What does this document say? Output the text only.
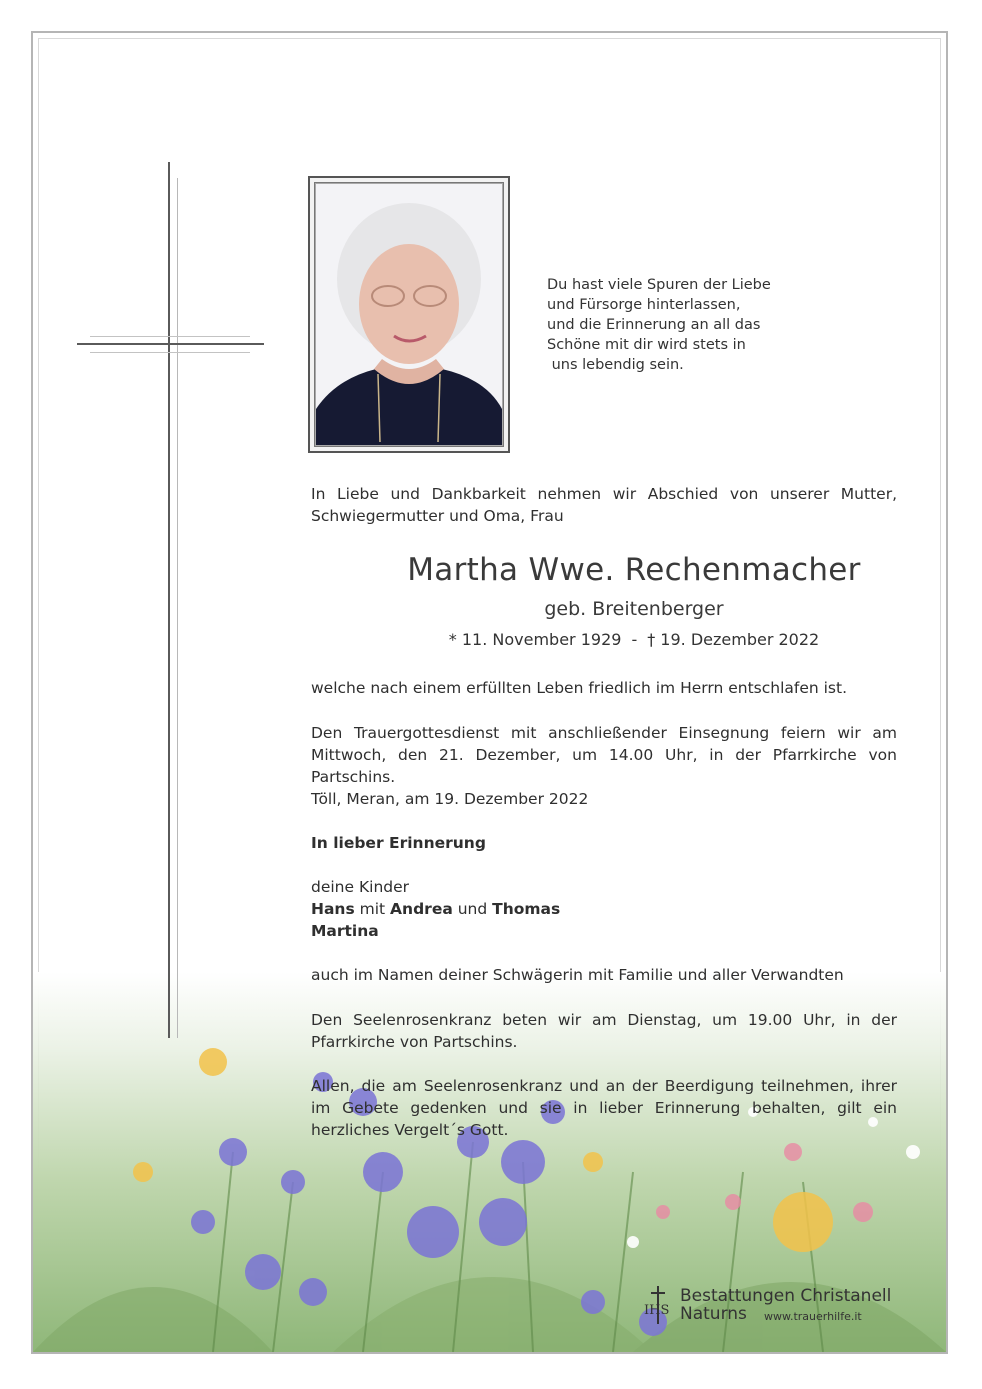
IHS
Bestattungen Christanell
Naturns www.trauerhilfe.it
Du hast viele Spuren der Liebe
und Fürsorge hinterlassen,
und die Erinnerung an all das
Schöne mit dir wird stets in
uns lebendig sein.
In Liebe und Dankbarkeit nehmen wir Abschied von unserer Mutter, Schwiegermutter und Oma, Frau
Martha Wwe. Rechenmacher
geb. Breitenberger
* 11. November 1929 - † 19. Dezember 2022
welche nach einem erfüllten Leben friedlich im Herrn entschlafen ist.
Den Trauergottesdienst mit anschließender Einsegnung feiern wir am Mittwoch, den 21. Dezember, um 14.00 Uhr, in der Pfarrkirche von Partschins.
Töll, Meran, am 19. Dezember 2022
In lieber Erinnerung
deine Kinder
Hans mit Andrea und Thomas
Martina
auch im Namen deiner Schwägerin mit Familie und aller Verwandten
Den Seelenrosenkranz beten wir am Dienstag, um 19.00 Uhr, in der Pfarrkirche von Partschins.
Allen, die am Seelenrosenkranz und an der Beerdigung teilnehmen, ihrer im Gebete gedenken und sie in lieber Erinnerung behalten, gilt ein herzliches Vergelt´s Gott.
